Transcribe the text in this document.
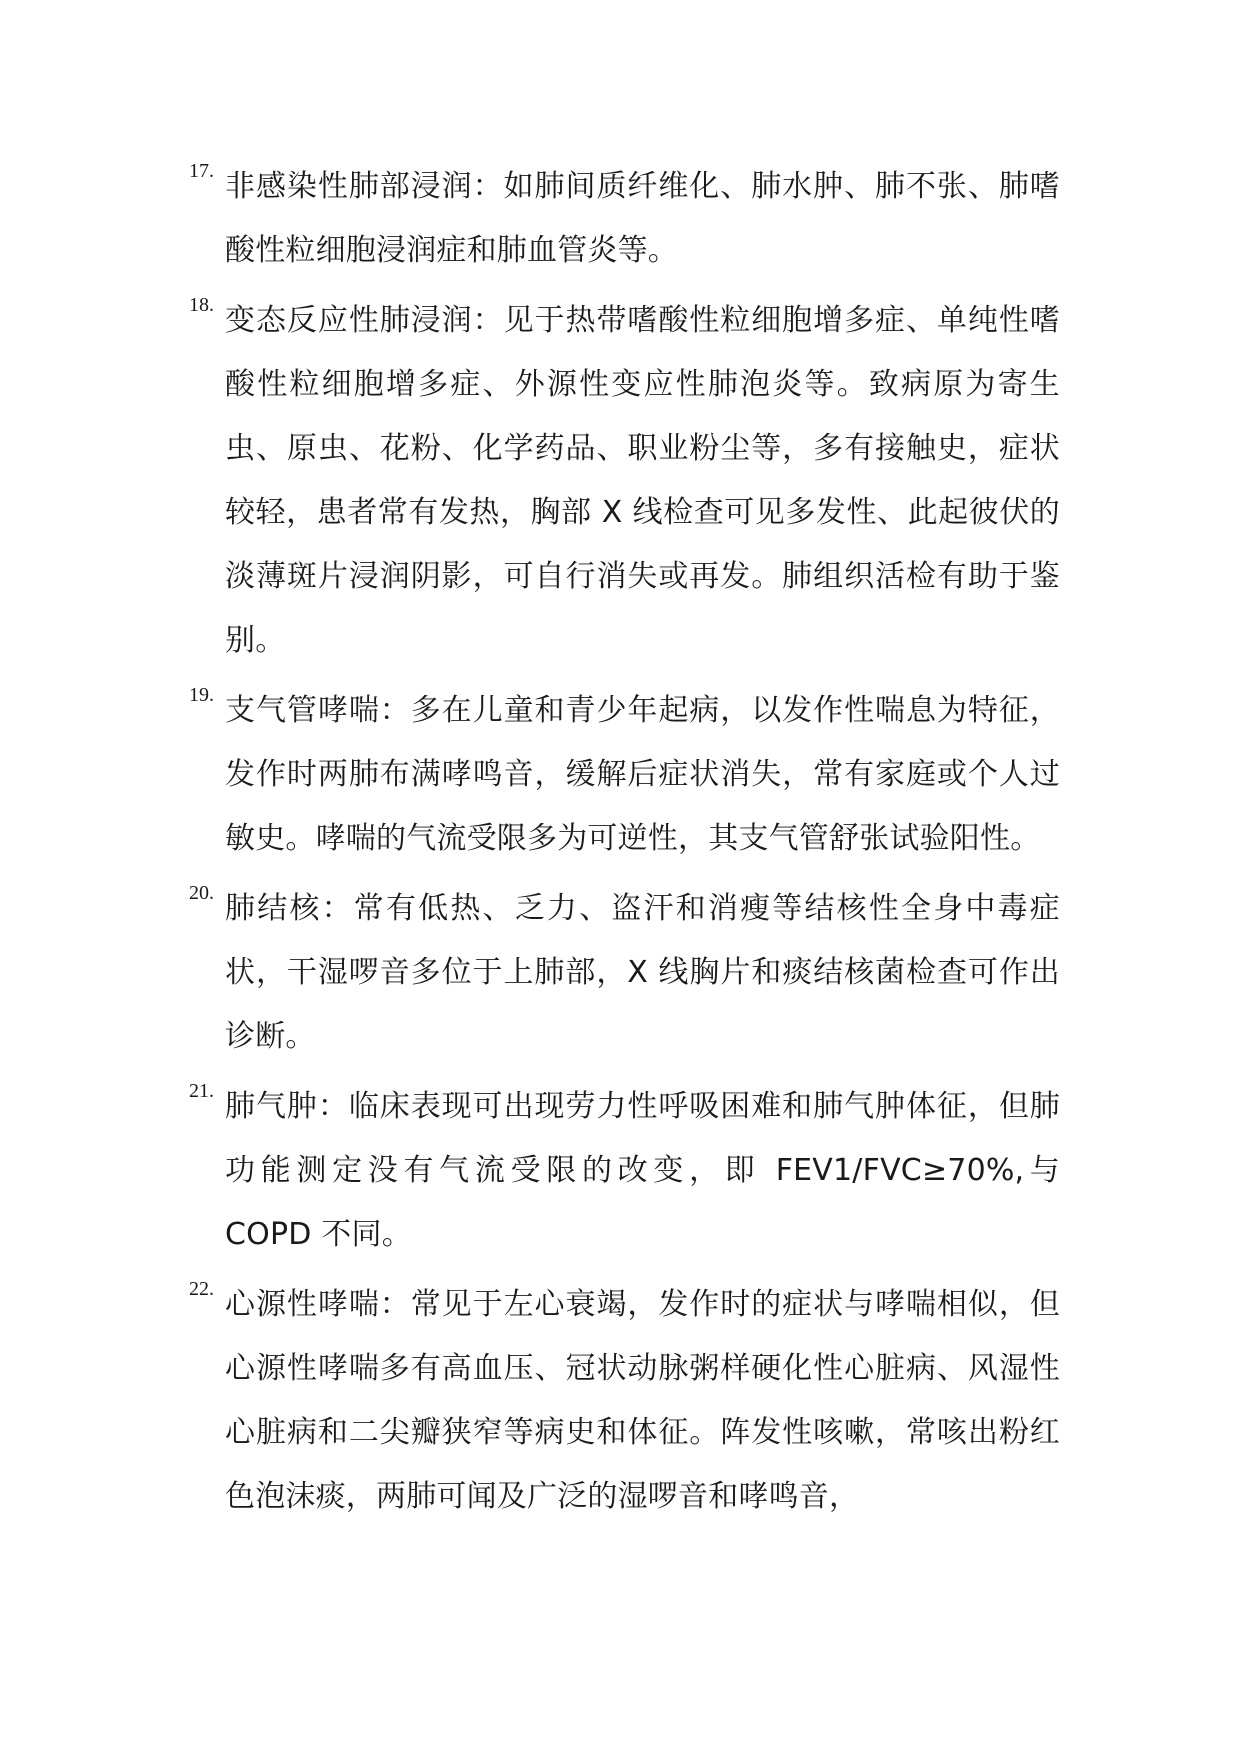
17. 非感染性肺部浸润：如肺间质纤维化、肺水肿、肺不张、肺嗜酸性粒细胞浸润症和肺血管炎等。
18. 变态反应性肺浸润：见于热带嗜酸性粒细胞增多症、单纯性嗜酸性粒细胞增多症、外源性变应性肺泡炎等。致病原为寄生虫、原虫、花粉、化学药品、职业粉尘等，多有接触史，症状较轻，患者常有发热，胸部 X 线检查可见多发性、此起彼伏的淡薄斑片浸润阴影，可自行消失或再发。肺组织活检有助于鉴别。
19. 支气管哮喘：多在儿童和青少年起病，以发作性喘息为特征，发作时两肺布满哮鸣音，缓解后症状消失，常有家庭或个人过敏史。哮喘的气流受限多为可逆性，其支气管舒张试验阳性。
20. 肺结核：常有低热、乏力、盗汗和消瘦等结核性全身中毒症状，干湿啰音多位于上肺部，X 线胸片和痰结核菌检查可作出诊断。
21. 肺气肿：临床表现可出现劳力性呼吸困难和肺气肿体征，但肺功能测定没有气流受限的改变，即 FEV1/FVC≥70%,与 COPD 不同。
22. 心源性哮喘：常见于左心衰竭，发作时的症状与哮喘相似，但心源性哮喘多有高血压、冠状动脉粥样硬化性心脏病、风湿性心脏病和二尖瓣狭窄等病史和体征。阵发性咳嗽，常咳出粉红色泡沫痰，两肺可闻及广泛的湿啰音和哮鸣音，
